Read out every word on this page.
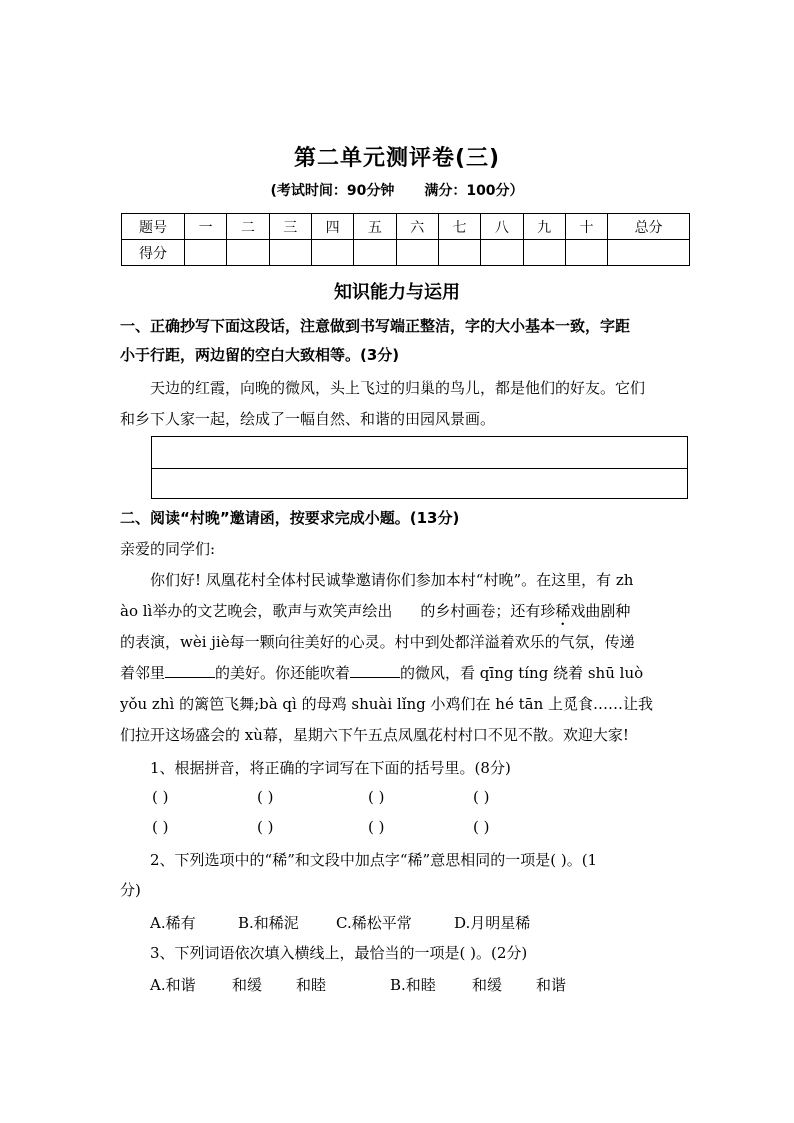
第二单元测评卷(三)
(考试时间：90分钟 满分：100分）
题号	一	二	三	四	五	六	七	八	九	十	总分
得分											
知识能力与运用
一、正确抄写下面这段话，注意做到书写端正整洁，字的大小基本一致，字距
小于行距，两边留的空白大致相等。(3分)
天边的红霞，向晚的微风，头上飞过的归巢的鸟儿，都是他们的好友。它们
和乡下人家一起，绘成了一幅自然、和谐的田园风景画。
二、阅读“村晚”邀请函，按要求完成小题。(13分)
亲爱的同学们:
你们好! 凤凰花村全体村民诚挚邀请你们参加本村“村晚”。在这里，有 zh
ào lì举办的文艺晚会，歌声与欢笑声绘出 的乡村画卷；还有珍稀戏曲剧种
的表演，wèi jiè每一颗向往美好的心灵。村中到处都洋溢着欢乐的气氛，传递
着邻里	的美好。你还能吹着	的微风，看 qīng tíng 绕着 shū luò
yǒu zhì 的篱笆飞舞;bà qì 的母鸡 shuài lǐng 小鸡们在 hé tān 上觅食……让我
们拉开这场盛会的 xù幕，星期六下午五点凤凰花村村口不见不散。欢迎大家!
1、根据拼音，将正确的字词写在下面的括号里。(8分)
( )	( )	( )	( )
( )	( )	( )	( )
2、下列选项中的“稀”和文段中加点字“稀”意思相同的一项是( )。(1
分)
A.稀有	B.和稀泥 C.稀松平常	D.月明星稀
3、下列词语依次填入横线上，最恰当的一项是( )。(2分)
A.和谐 和缓 和睦	B.和睦 和缓 和谐
